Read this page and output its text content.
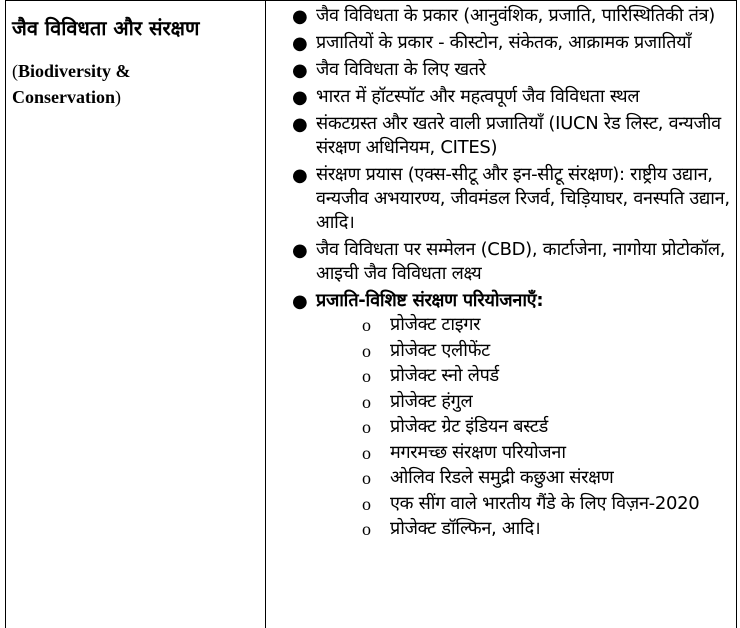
जैव विविधता और संरक्षण
(Biodiversity &
Conservation)
● जैव विविधता के प्रकार (आनुवंशिक, प्रजाति, पारिस्थितिकी तंत्र)
● प्रजातियों के प्रकार - कीस्टोन, संकेतक, आक्रामक प्रजातियाँ
● जैव विविधता के लिए खतरे
● भारत में हॉटस्पॉट और महत्वपूर्ण जैव विविधता स्थल
● संकटग्रस्त और खतरे वाली प्रजातियाँ (IUCN रेड लिस्ट, वन्यजीव संरक्षण अधिनियम, CITES)
● संरक्षण प्रयास (एक्स-सीटू और इन-सीटू संरक्षण): राष्ट्रीय उद्यान, वन्यजीव अभयारण्य, जीवमंडल रिजर्व, चिड़ियाघर, वनस्पति उद्यान, आदि।
● जैव विविधता पर सम्मेलन (CBD), कार्टाजेना, नागोया प्रोटोकॉल, आइची जैव विविधता लक्ष्य
● प्रजाति-विशिष्ट संरक्षण परियोजनाएँ:
o प्रोजेक्ट टाइगर
o प्रोजेक्ट एलीफेंट
o प्रोजेक्ट स्नो लेपर्ड
o प्रोजेक्ट हंगुल
o प्रोजेक्ट ग्रेट इंडियन बस्टर्ड
o मगरमच्छ संरक्षण परियोजना
o ओलिव रिडले समुद्री कछुआ संरक्षण
o एक सींग वाले भारतीय गैंडे के लिए विज़न-2020
o प्रोजेक्ट डॉल्फिन, आदि।
